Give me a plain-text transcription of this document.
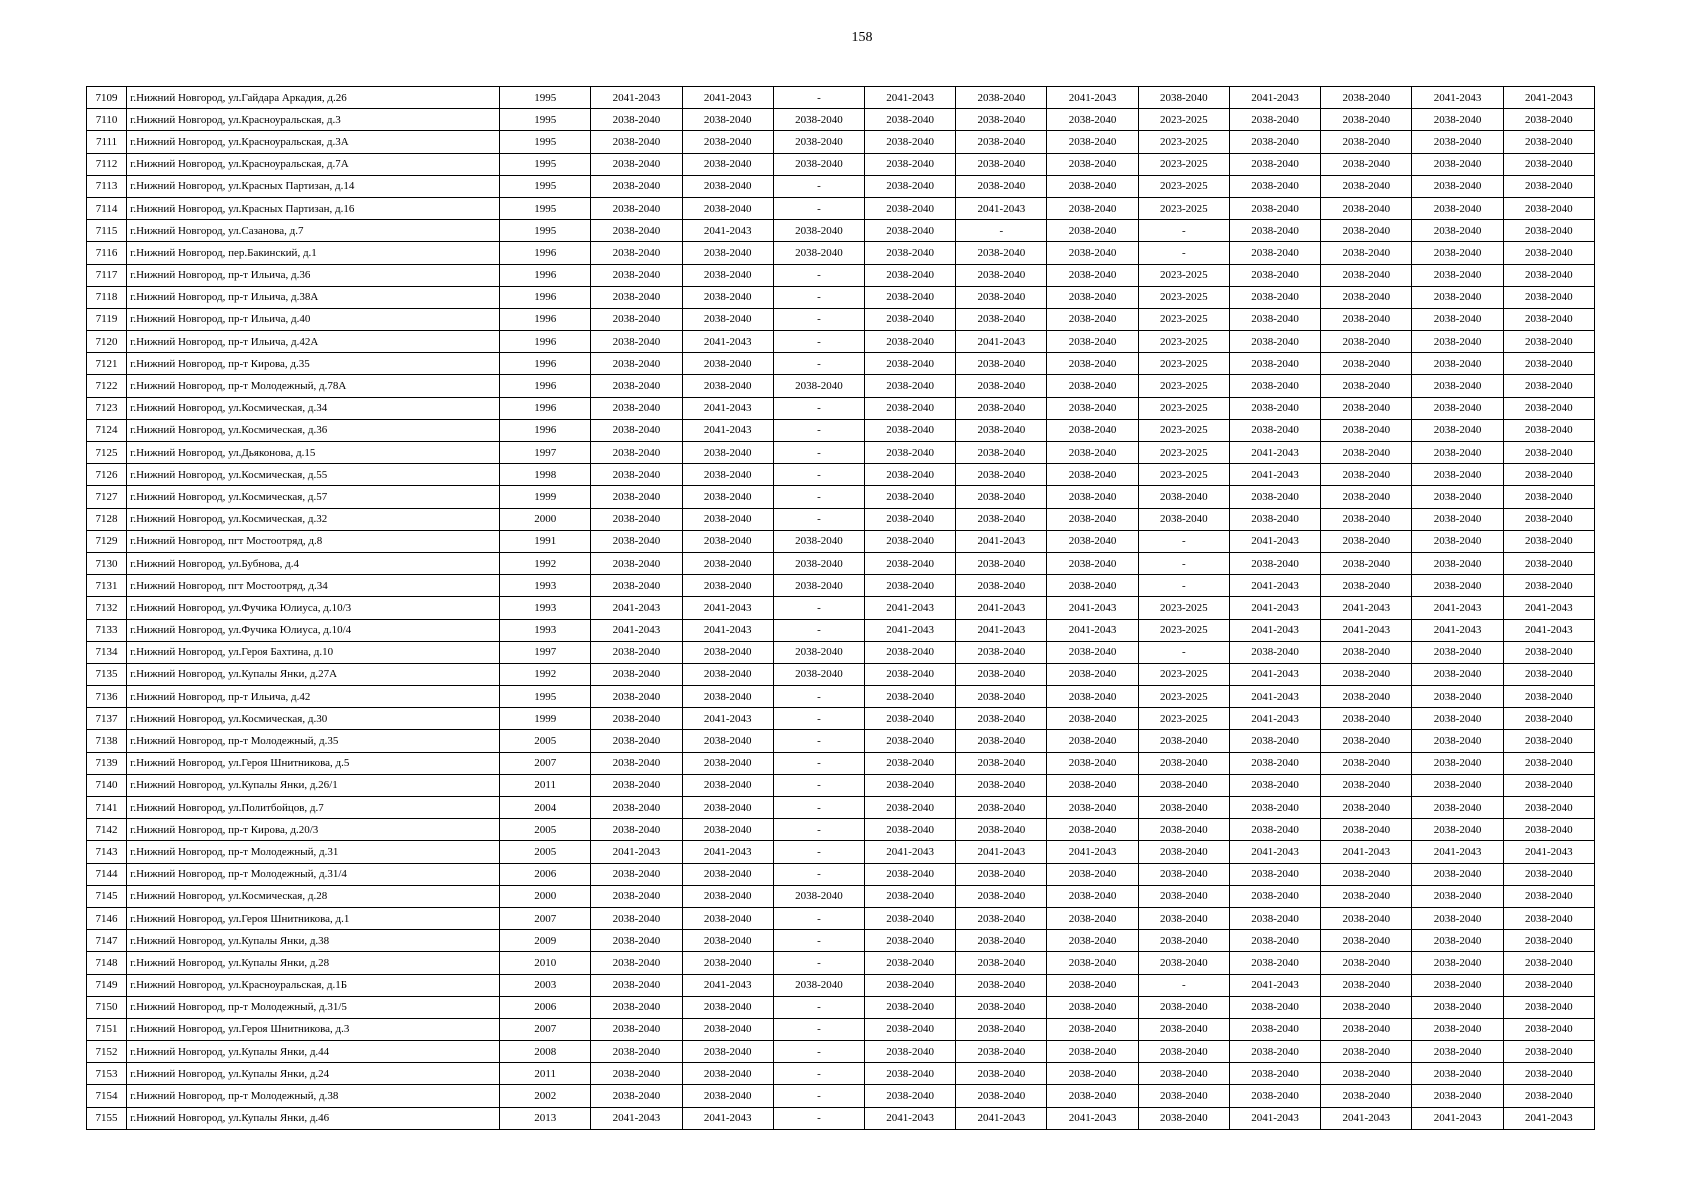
158
7109	г.Нижний Новгород, ул.Гайдара Аркадия, д.26	1995	2041-2043	2041-2043	-	2041-2043	2038-2040	2041-2043	2038-2040	2041-2043	2038-2040	2041-2043	2041-2043
7110	г.Нижний Новгород, ул.Красноуральская, д.3	1995	2038-2040	2038-2040	2038-2040	2038-2040	2038-2040	2038-2040	2023-2025	2038-2040	2038-2040	2038-2040	2038-2040
7111	г.Нижний Новгород, ул.Красноуральская, д.3А	1995	2038-2040	2038-2040	2038-2040	2038-2040	2038-2040	2038-2040	2023-2025	2038-2040	2038-2040	2038-2040	2038-2040
7112	г.Нижний Новгород, ул.Красноуральская, д.7А	1995	2038-2040	2038-2040	2038-2040	2038-2040	2038-2040	2038-2040	2023-2025	2038-2040	2038-2040	2038-2040	2038-2040
7113	г.Нижний Новгород, ул.Красных Партизан, д.14	1995	2038-2040	2038-2040	-	2038-2040	2038-2040	2038-2040	2023-2025	2038-2040	2038-2040	2038-2040	2038-2040
7114	г.Нижний Новгород, ул.Красных Партизан, д.16	1995	2038-2040	2038-2040	-	2038-2040	2041-2043	2038-2040	2023-2025	2038-2040	2038-2040	2038-2040	2038-2040
7115	г.Нижний Новгород, ул.Сазанова, д.7	1995	2038-2040	2041-2043	2038-2040	2038-2040	-	2038-2040	-	2038-2040	2038-2040	2038-2040	2038-2040
7116	г.Нижний Новгород, пер.Бакинский, д.1	1996	2038-2040	2038-2040	2038-2040	2038-2040	2038-2040	2038-2040	-	2038-2040	2038-2040	2038-2040	2038-2040
7117	г.Нижний Новгород, пр-т Ильича, д.36	1996	2038-2040	2038-2040	-	2038-2040	2038-2040	2038-2040	2023-2025	2038-2040	2038-2040	2038-2040	2038-2040
7118	г.Нижний Новгород, пр-т Ильича, д.38А	1996	2038-2040	2038-2040	-	2038-2040	2038-2040	2038-2040	2023-2025	2038-2040	2038-2040	2038-2040	2038-2040
7119	г.Нижний Новгород, пр-т Ильича, д.40	1996	2038-2040	2038-2040	-	2038-2040	2038-2040	2038-2040	2023-2025	2038-2040	2038-2040	2038-2040	2038-2040
7120	г.Нижний Новгород, пр-т Ильича, д.42А	1996	2038-2040	2041-2043	-	2038-2040	2041-2043	2038-2040	2023-2025	2038-2040	2038-2040	2038-2040	2038-2040
7121	г.Нижний Новгород, пр-т Кирова, д.35	1996	2038-2040	2038-2040	-	2038-2040	2038-2040	2038-2040	2023-2025	2038-2040	2038-2040	2038-2040	2038-2040
7122	г.Нижний Новгород, пр-т Молодежный, д.78А	1996	2038-2040	2038-2040	2038-2040	2038-2040	2038-2040	2038-2040	2023-2025	2038-2040	2038-2040	2038-2040	2038-2040
7123	г.Нижний Новгород, ул.Космическая, д.34	1996	2038-2040	2041-2043	-	2038-2040	2038-2040	2038-2040	2023-2025	2038-2040	2038-2040	2038-2040	2038-2040
7124	г.Нижний Новгород, ул.Космическая, д.36	1996	2038-2040	2041-2043	-	2038-2040	2038-2040	2038-2040	2023-2025	2038-2040	2038-2040	2038-2040	2038-2040
7125	г.Нижний Новгород, ул.Дьяконова, д.15	1997	2038-2040	2038-2040	-	2038-2040	2038-2040	2038-2040	2023-2025	2041-2043	2038-2040	2038-2040	2038-2040
7126	г.Нижний Новгород, ул.Космическая, д.55	1998	2038-2040	2038-2040	-	2038-2040	2038-2040	2038-2040	2023-2025	2041-2043	2038-2040	2038-2040	2038-2040
7127	г.Нижний Новгород, ул.Космическая, д.57	1999	2038-2040	2038-2040	-	2038-2040	2038-2040	2038-2040	2038-2040	2038-2040	2038-2040	2038-2040	2038-2040
7128	г.Нижний Новгород, ул.Космическая, д.32	2000	2038-2040	2038-2040	-	2038-2040	2038-2040	2038-2040	2038-2040	2038-2040	2038-2040	2038-2040	2038-2040
7129	г.Нижний Новгород, пгт Мостоотряд, д.8	1991	2038-2040	2038-2040	2038-2040	2038-2040	2041-2043	2038-2040	-	2041-2043	2038-2040	2038-2040	2038-2040
7130	г.Нижний Новгород, ул.Бубнова, д.4	1992	2038-2040	2038-2040	2038-2040	2038-2040	2038-2040	2038-2040	-	2038-2040	2038-2040	2038-2040	2038-2040
7131	г.Нижний Новгород, пгт Мостоотряд, д.34	1993	2038-2040	2038-2040	2038-2040	2038-2040	2038-2040	2038-2040	-	2041-2043	2038-2040	2038-2040	2038-2040
7132	г.Нижний Новгород, ул.Фучика Юлиуса, д.10/3	1993	2041-2043	2041-2043	-	2041-2043	2041-2043	2041-2043	2023-2025	2041-2043	2041-2043	2041-2043	2041-2043
7133	г.Нижний Новгород, ул.Фучика Юлиуса, д.10/4	1993	2041-2043	2041-2043	-	2041-2043	2041-2043	2041-2043	2023-2025	2041-2043	2041-2043	2041-2043	2041-2043
7134	г.Нижний Новгород, ул.Героя Бахтина, д.10	1997	2038-2040	2038-2040	2038-2040	2038-2040	2038-2040	2038-2040	-	2038-2040	2038-2040	2038-2040	2038-2040
7135	г.Нижний Новгород, ул.Купалы Янки, д.27А	1992	2038-2040	2038-2040	2038-2040	2038-2040	2038-2040	2038-2040	2023-2025	2041-2043	2038-2040	2038-2040	2038-2040
7136	г.Нижний Новгород, пр-т Ильича, д.42	1995	2038-2040	2038-2040	-	2038-2040	2038-2040	2038-2040	2023-2025	2041-2043	2038-2040	2038-2040	2038-2040
7137	г.Нижний Новгород, ул.Космическая, д.30	1999	2038-2040	2041-2043	-	2038-2040	2038-2040	2038-2040	2023-2025	2041-2043	2038-2040	2038-2040	2038-2040
7138	г.Нижний Новгород, пр-т Молодежный, д.35	2005	2038-2040	2038-2040	-	2038-2040	2038-2040	2038-2040	2038-2040	2038-2040	2038-2040	2038-2040	2038-2040
7139	г.Нижний Новгород, ул.Героя Шнитникова, д.5	2007	2038-2040	2038-2040	-	2038-2040	2038-2040	2038-2040	2038-2040	2038-2040	2038-2040	2038-2040	2038-2040
7140	г.Нижний Новгород, ул.Купалы Янки, д.26/1	2011	2038-2040	2038-2040	-	2038-2040	2038-2040	2038-2040	2038-2040	2038-2040	2038-2040	2038-2040	2038-2040
7141	г.Нижний Новгород, ул.Политбойцов, д.7	2004	2038-2040	2038-2040	-	2038-2040	2038-2040	2038-2040	2038-2040	2038-2040	2038-2040	2038-2040	2038-2040
7142	г.Нижний Новгород, пр-т Кирова, д.20/3	2005	2038-2040	2038-2040	-	2038-2040	2038-2040	2038-2040	2038-2040	2038-2040	2038-2040	2038-2040	2038-2040
7143	г.Нижний Новгород, пр-т Молодежный, д.31	2005	2041-2043	2041-2043	-	2041-2043	2041-2043	2041-2043	2038-2040	2041-2043	2041-2043	2041-2043	2041-2043
7144	г.Нижний Новгород, пр-т Молодежный, д.31/4	2006	2038-2040	2038-2040	-	2038-2040	2038-2040	2038-2040	2038-2040	2038-2040	2038-2040	2038-2040	2038-2040
7145	г.Нижний Новгород, ул.Космическая, д.28	2000	2038-2040	2038-2040	2038-2040	2038-2040	2038-2040	2038-2040	2038-2040	2038-2040	2038-2040	2038-2040	2038-2040
7146	г.Нижний Новгород, ул.Героя Шнитникова, д.1	2007	2038-2040	2038-2040	-	2038-2040	2038-2040	2038-2040	2038-2040	2038-2040	2038-2040	2038-2040	2038-2040
7147	г.Нижний Новгород, ул.Купалы Янки, д.38	2009	2038-2040	2038-2040	-	2038-2040	2038-2040	2038-2040	2038-2040	2038-2040	2038-2040	2038-2040	2038-2040
7148	г.Нижний Новгород, ул.Купалы Янки, д.28	2010	2038-2040	2038-2040	-	2038-2040	2038-2040	2038-2040	2038-2040	2038-2040	2038-2040	2038-2040	2038-2040
7149	г.Нижний Новгород, ул.Красноуральская, д.1Б	2003	2038-2040	2041-2043	2038-2040	2038-2040	2038-2040	2038-2040	-	2041-2043	2038-2040	2038-2040	2038-2040
7150	г.Нижний Новгород, пр-т Молодежный, д.31/5	2006	2038-2040	2038-2040	-	2038-2040	2038-2040	2038-2040	2038-2040	2038-2040	2038-2040	2038-2040	2038-2040
7151	г.Нижний Новгород, ул.Героя Шнитникова, д.3	2007	2038-2040	2038-2040	-	2038-2040	2038-2040	2038-2040	2038-2040	2038-2040	2038-2040	2038-2040	2038-2040
7152	г.Нижний Новгород, ул.Купалы Янки, д.44	2008	2038-2040	2038-2040	-	2038-2040	2038-2040	2038-2040	2038-2040	2038-2040	2038-2040	2038-2040	2038-2040
7153	г.Нижний Новгород, ул.Купалы Янки, д.24	2011	2038-2040	2038-2040	-	2038-2040	2038-2040	2038-2040	2038-2040	2038-2040	2038-2040	2038-2040	2038-2040
7154	г.Нижний Новгород, пр-т Молодежный, д.38	2002	2038-2040	2038-2040	-	2038-2040	2038-2040	2038-2040	2038-2040	2038-2040	2038-2040	2038-2040	2038-2040
7155	г.Нижний Новгород, ул.Купалы Янки, д.46	2013	2041-2043	2041-2043	-	2041-2043	2041-2043	2041-2043	2038-2040	2041-2043	2041-2043	2041-2043	2041-2043
